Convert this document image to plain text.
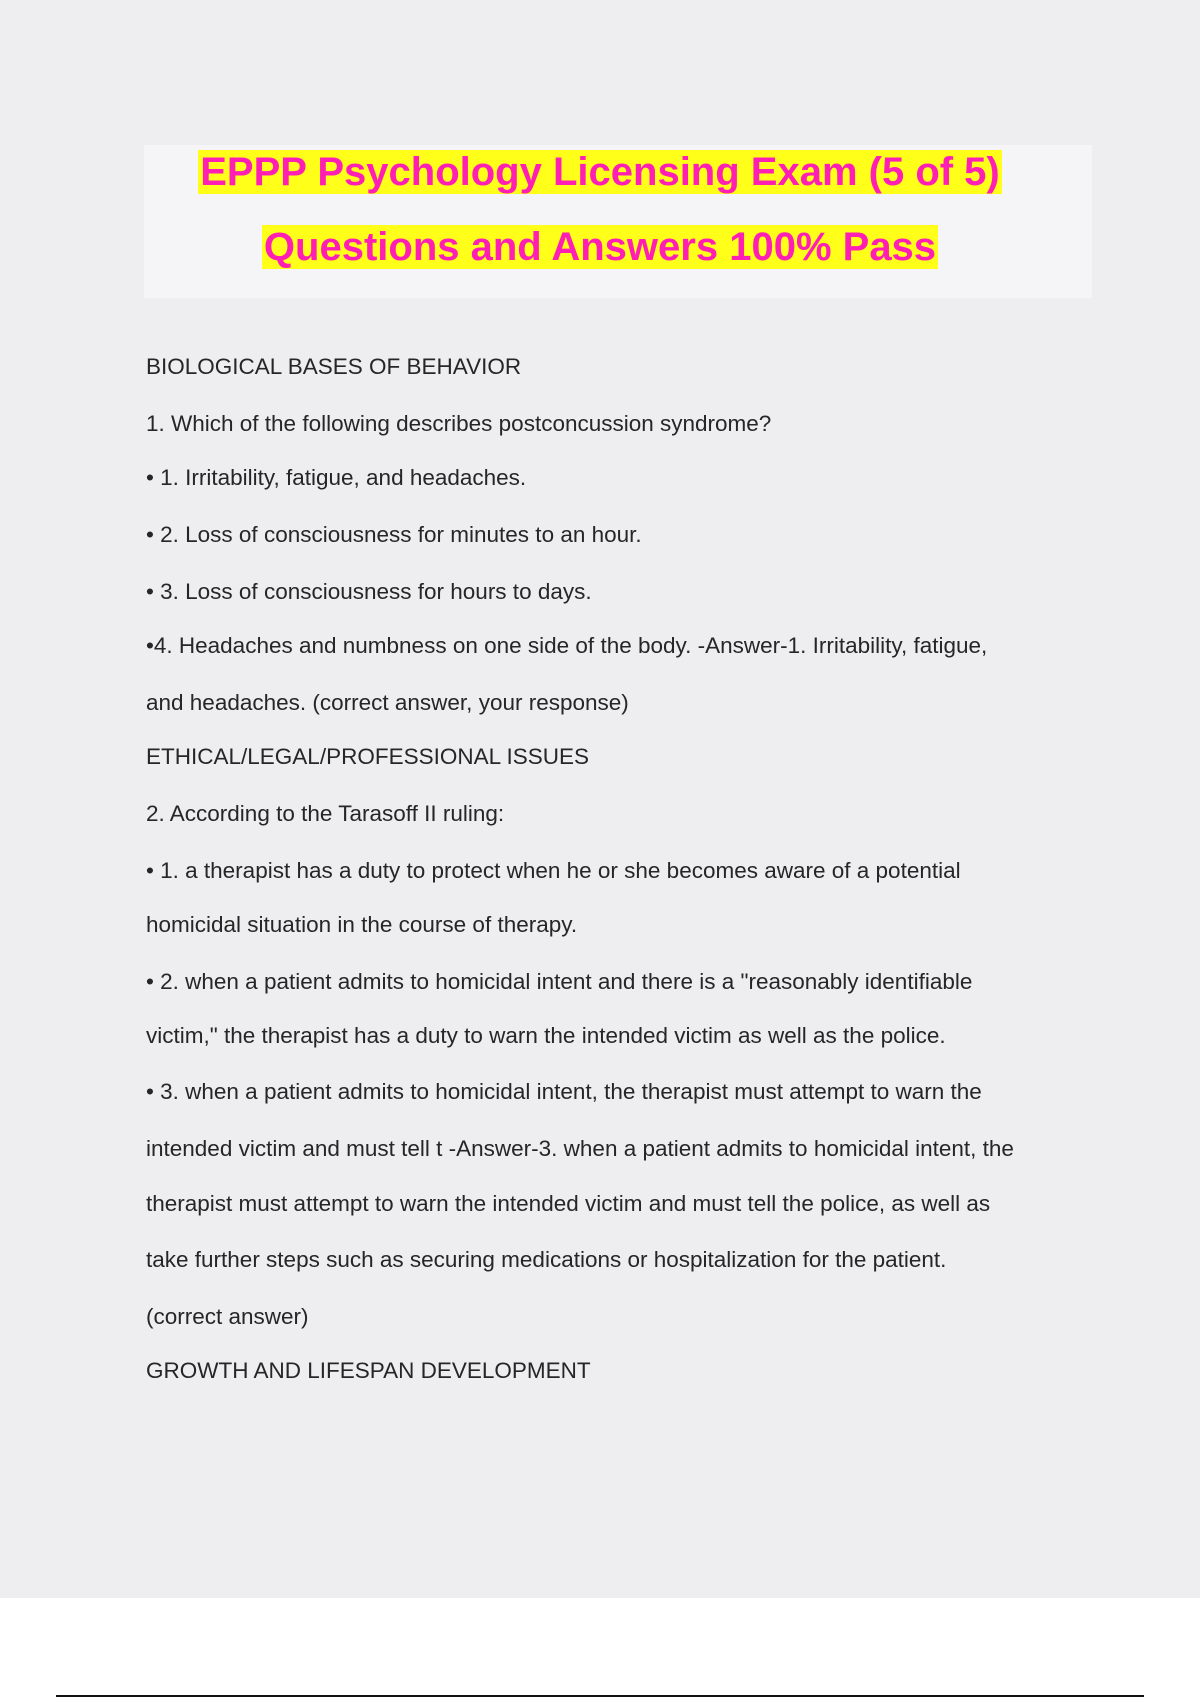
EPPP Psychology Licensing Exam (5 of 5)
Questions and Answers 100% Pass
BIOLOGICAL BASES OF BEHAVIOR
1. Which of the following describes postconcussion syndrome?
• 1. Irritability, fatigue, and headaches.
• 2. Loss of consciousness for minutes to an hour.
• 3. Loss of consciousness for hours to days.
•4. Headaches and numbness on one side of the body. -Answer-1. Irritability, fatigue,
and headaches. (correct answer, your response)
ETHICAL/LEGAL/PROFESSIONAL ISSUES
2. According to the Tarasoff II ruling:
• 1. a therapist has a duty to protect when he or she becomes aware of a potential
homicidal situation in the course of therapy.
• 2. when a patient admits to homicidal intent and there is a "reasonably identifiable
victim," the therapist has a duty to warn the intended victim as well as the police.
• 3. when a patient admits to homicidal intent, the therapist must attempt to warn the
intended victim and must tell t -Answer-3. when a patient admits to homicidal intent, the
therapist must attempt to warn the intended victim and must tell the police, as well as
take further steps such as securing medications or hospitalization for the patient.
(correct answer)
GROWTH AND LIFESPAN DEVELOPMENT
